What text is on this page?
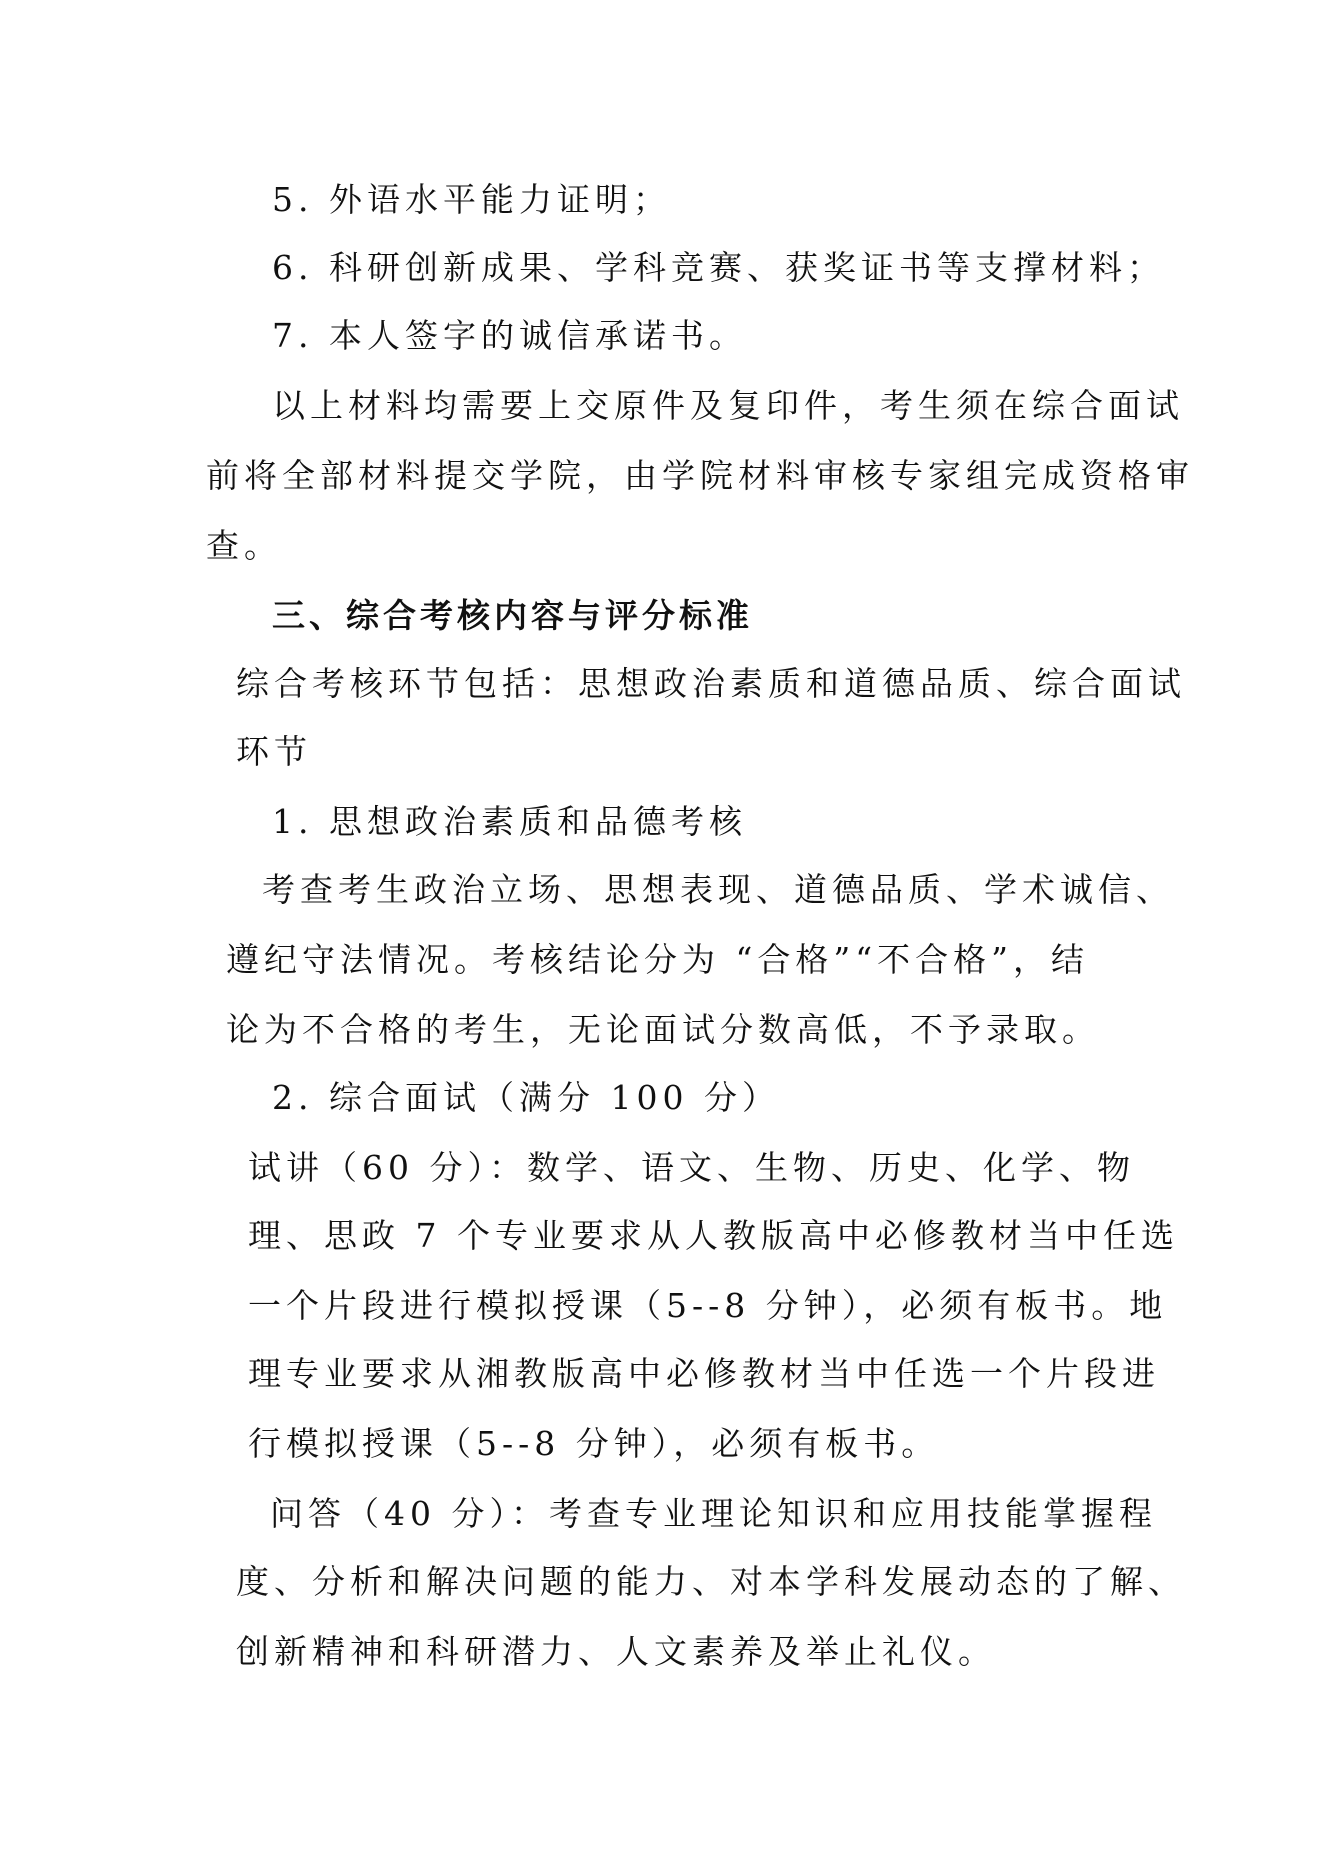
5. 外语水平能力证明；
6. 科研创新成果、学科竞赛、获奖证书等支撑材料；
7. 本人签字的诚信承诺书。
以上材料均需要上交原件及复印件，考生须在综合面试
前将全部材料提交学院，由学院材料审核专家组完成资格审
查。
三、综合考核内容与评分标准
综合考核环节包括：思想政治素质和道德品质、综合面试
环节
1. 思想政治素质和品德考核
考查考生政治立场、思想表现、道德品质、学术诚信、
遵纪守法情况。考核结论分为 “合格”“不合格”，结
论为不合格的考生，无论面试分数高低，不予录取。
2. 综合面试（满分 100 分）
试讲（60 分）：数学、语文、生物、历史、化学、物
理、思政 7 个专业要求从人教版高中必修教材当中任选
一个片段进行模拟授课（5--8 分钟），必须有板书。地
理专业要求从湘教版高中必修教材当中任选一个片段进
行模拟授课（5--8 分钟），必须有板书。
问答（40 分）：考查专业理论知识和应用技能掌握程
度、分析和解决问题的能力、对本学科发展动态的了解、
创新精神和科研潜力、人文素养及举止礼仪。
